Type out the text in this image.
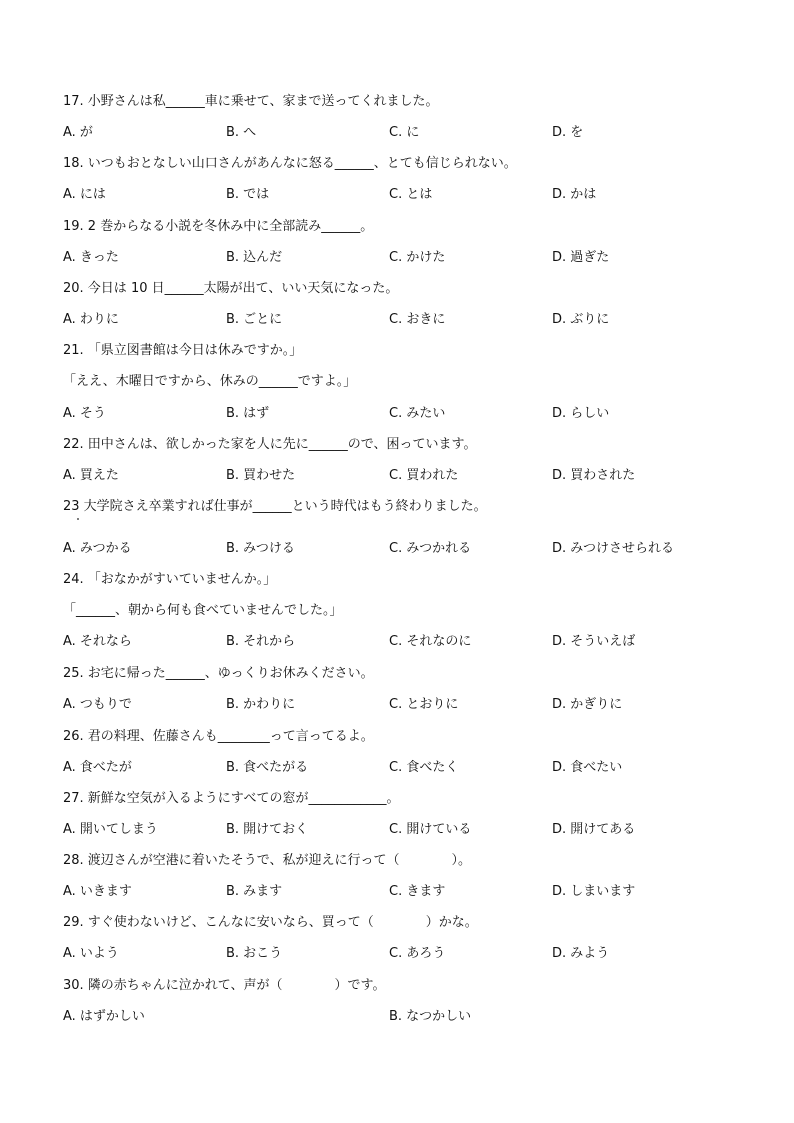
17. 小野さんは私______車に乗せて、家まで送ってくれました。
A. が	B. へ	C. に	D. を
18. いつもおとなしい山口さんがあんなに怒る______、とても信じられない。
A. には	B. では	C. とは	D. かは
19. 2 巻からなる小説を冬休み中に全部読み______。
A. きった	B. 込んだ	C. かけた	D. 過ぎた
20. 今日は 10 日______太陽が出て、いい天気になった。
A. わりに	B. ごとに	C. おきに	D. ぶりに
21. 「県立図書館は今日は休みですか。」
「ええ、木曜日ですから、休みの______ですよ。」
A. そう	B. はず	C. みたい	D. らしい
22. 田中さんは、欲しかった家を人に先に______ので、困っています。
A. 買えた	B. 買わせた	C. 買われた	D. 買わされた
23 大学院さえ卒業すれば仕事が______という時代はもう終わりました。
A. みつかる	B. みつける	C. みつかれる	D. みつけさせられる
24. 「おなかがすいていませんか。」
「______、朝から何も食べていませんでした。」
A. それなら	B. それから	C. それなのに	D. そういえば
25. お宅に帰った______、ゆっくりお休みください。
A. つもりで	B. かわりに	C. とおりに	D. かぎりに
26. 君の料理、佐藤さんも________って言ってるよ。
A. 食べたが	B. 食べたがる	C. 食べたく	D. 食べたい
27. 新鮮な空気が入るようにすべての窓が____________。
A. 開いてしまう	B. 開けておく	C. 開けている	D. 開けてある
28. 渡辺さんが空港に着いたそうで、私が迎えに行って（　　　　）。
A. いきます	B. みます	C. きます	D. しまいます
29. すぐ使わないけど、こんなに安いなら、買って（　　　　）かな。
A. いよう	B. おこう	C. あろう	D. みよう
30. 隣の赤ちゃんに泣かれて、声が（　　　　）です。
A. はずかしい	B. なつかしい
